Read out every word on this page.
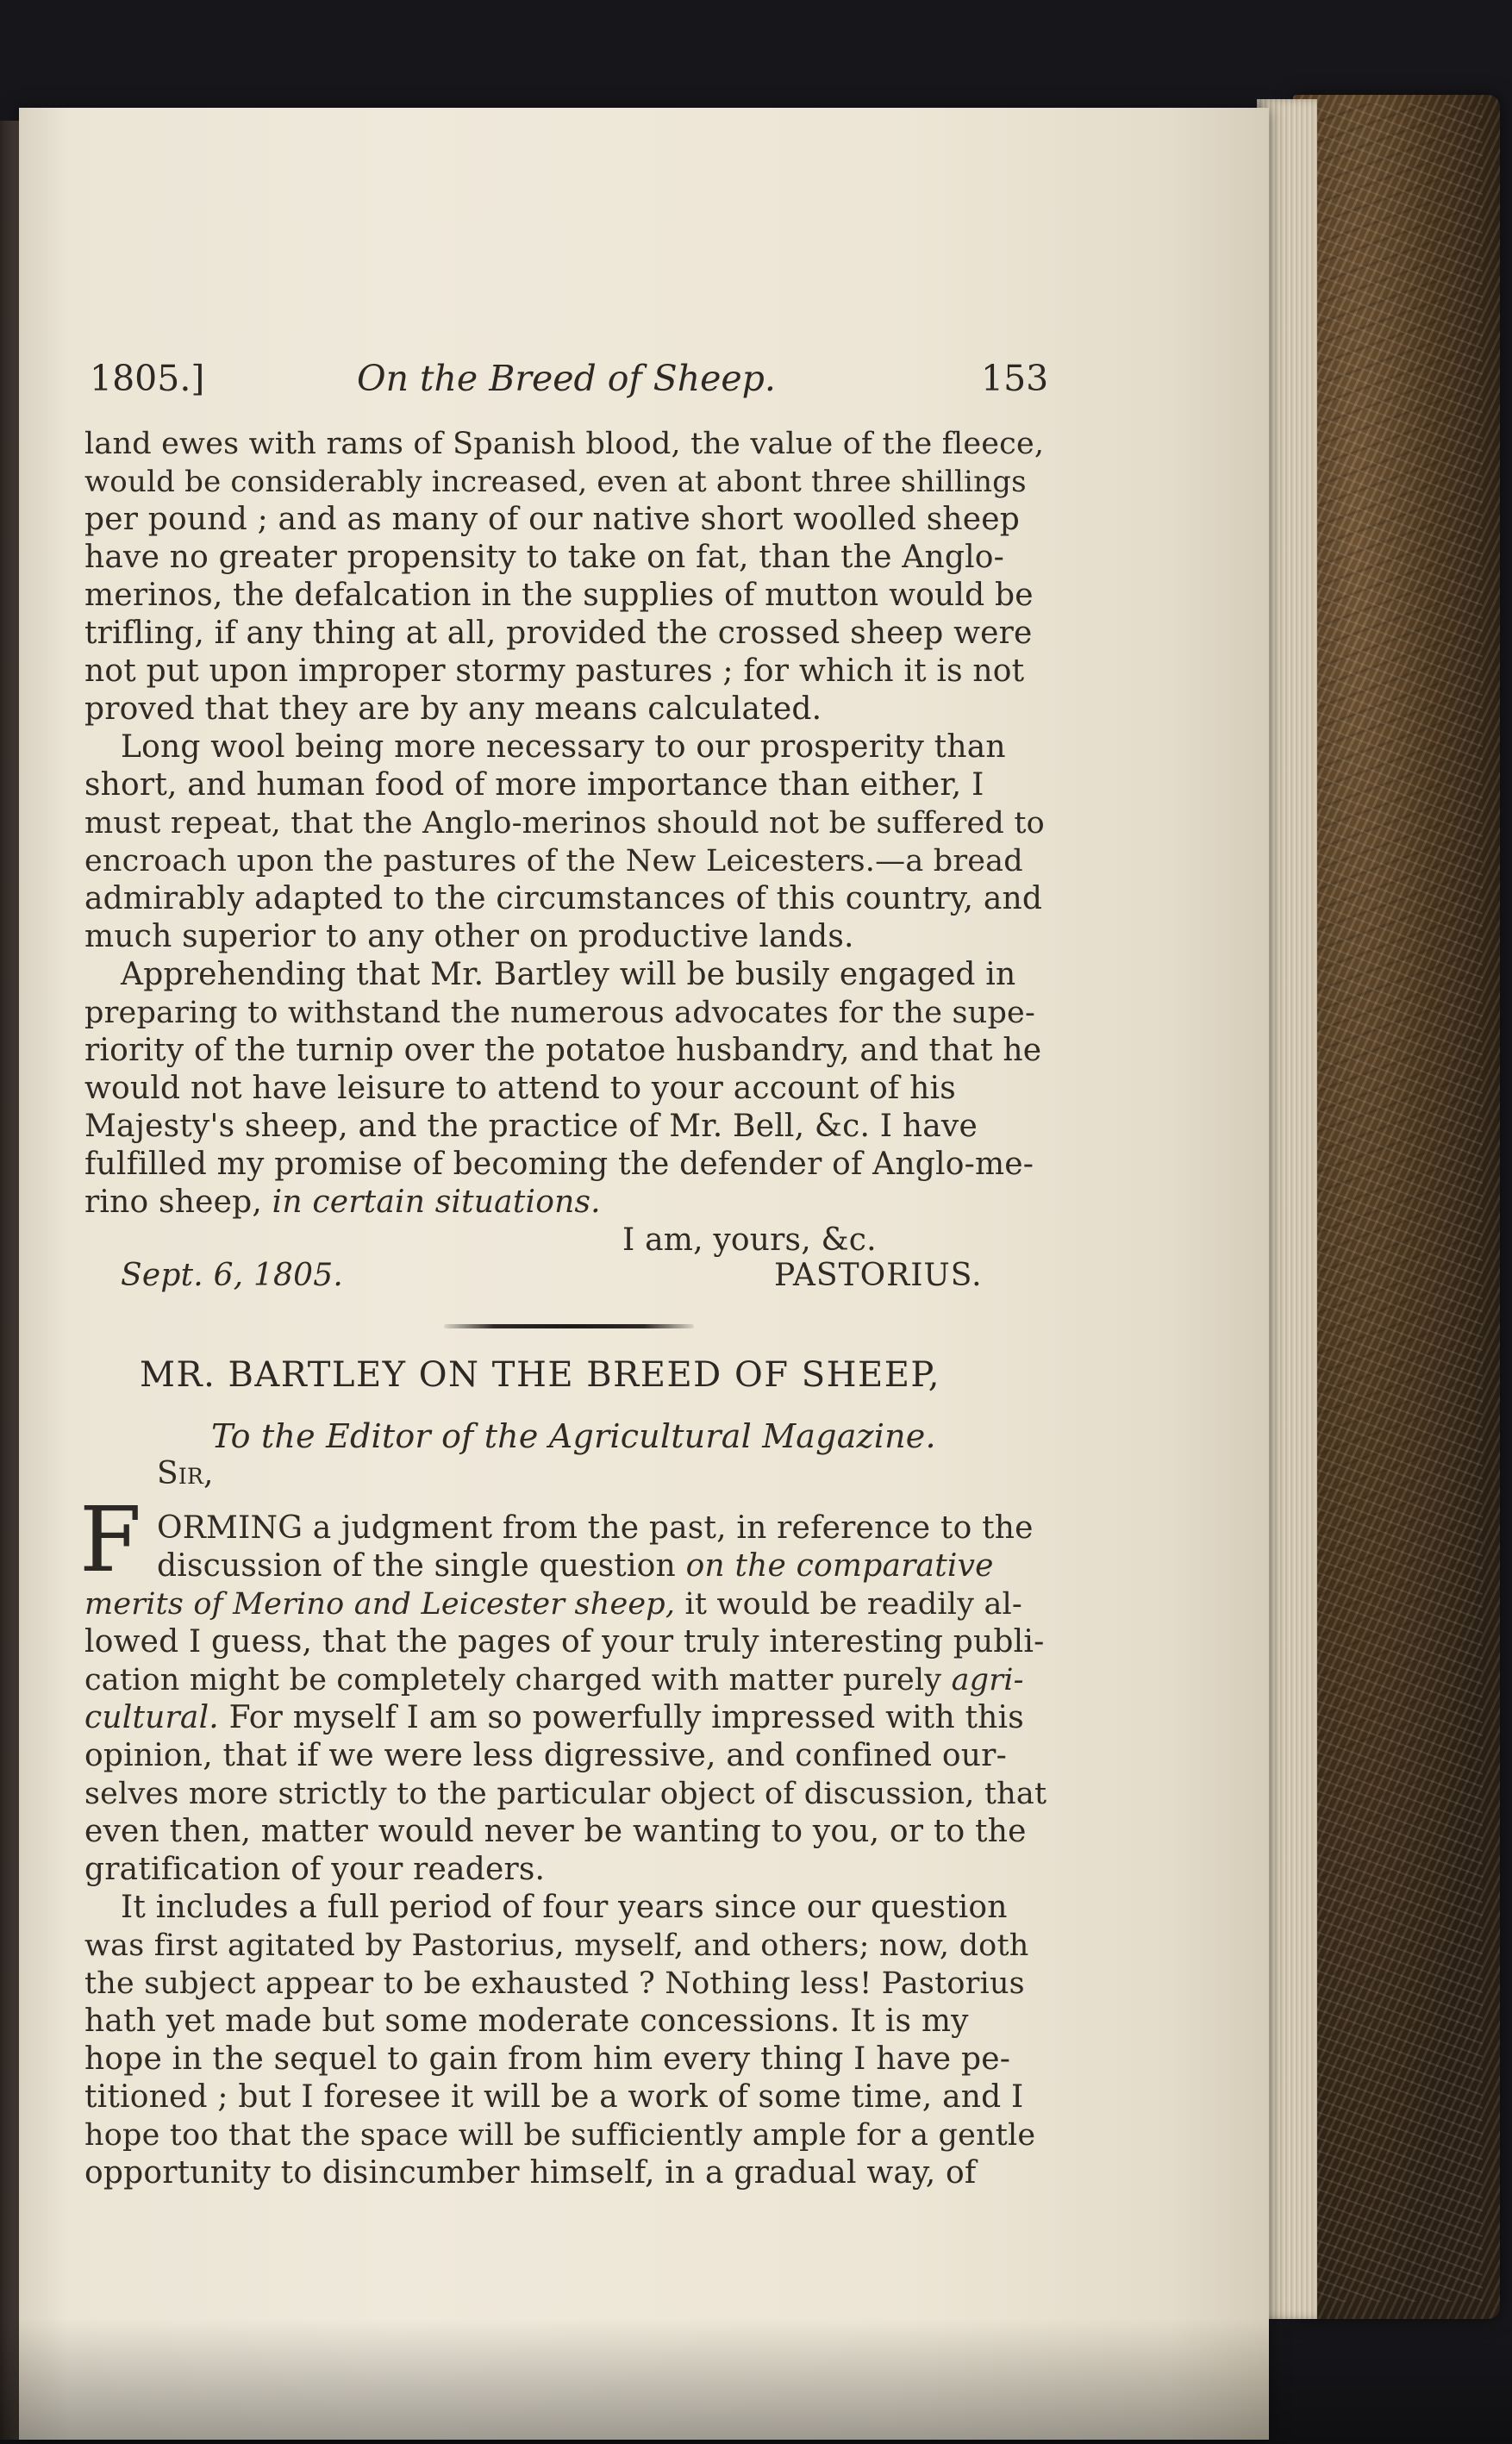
1805.]	On the Breed of Sheep.	153
land ewes with rams of Spanish blood, the value of the fleece,
would be considerably increased, even at abont three shillings
per pound ; and as many of our native short woolled sheep
have no greater propensity to take on fat, than the Anglo-
merinos, the defalcation in the supplies of mutton would be
trifling, if any thing at all, provided the crossed sheep were
not put upon improper stormy pastures ; for which it is not
proved that they are by any means calculated.
Long wool being more necessary to our prosperity than
short, and human food of more importance than either, I
must repeat, that the Anglo-merinos should not be suffered to
encroach upon the pastures of the New Leicesters.—a bread
admirably adapted to the circumstances of this country, and
much superior to any other on productive lands.
Apprehending that Mr. Bartley will be busily engaged in
preparing to withstand the numerous advocates for the supe-
riority of the turnip over the potatoe husbandry, and that he
would not have leisure to attend to your account of his
Majesty's sheep, and the practice of Mr. Bell, &c. I have
fulfilled my promise of becoming the defender of Anglo-me-
rino sheep, in certain situations.
I am, yours, &c.
Sept. 6, 1805.	PASTORIUS.
MR. BARTLEY ON THE BREED OF SHEEP,
To the Editor of the Agricultural Magazine.
Sir,
F ORMING a judgment from the past, in reference to the
discussion of the single question on the comparative
merits of Merino and Leicester sheep, it would be readily al-
lowed I guess, that the pages of your truly interesting publi-
cation might be completely charged with matter purely agri-
cultural. For myself I am so powerfully impressed with this
opinion, that if we were less digressive, and confined our-
selves more strictly to the particular object of discussion, that
even then, matter would never be wanting to you, or to the
gratification of your readers.
It includes a full period of four years since our question
was first agitated by Pastorius, myself, and others; now, doth
the subject appear to be exhausted ? Nothing less! Pastorius
hath yet made but some moderate concessions. It is my
hope in the sequel to gain from him every thing I have pe-
titioned ; but I foresee it will be a work of some time, and I
hope too that the space will be sufficiently ample for a gentle
opportunity to disincumber himself, in a gradual way, of
